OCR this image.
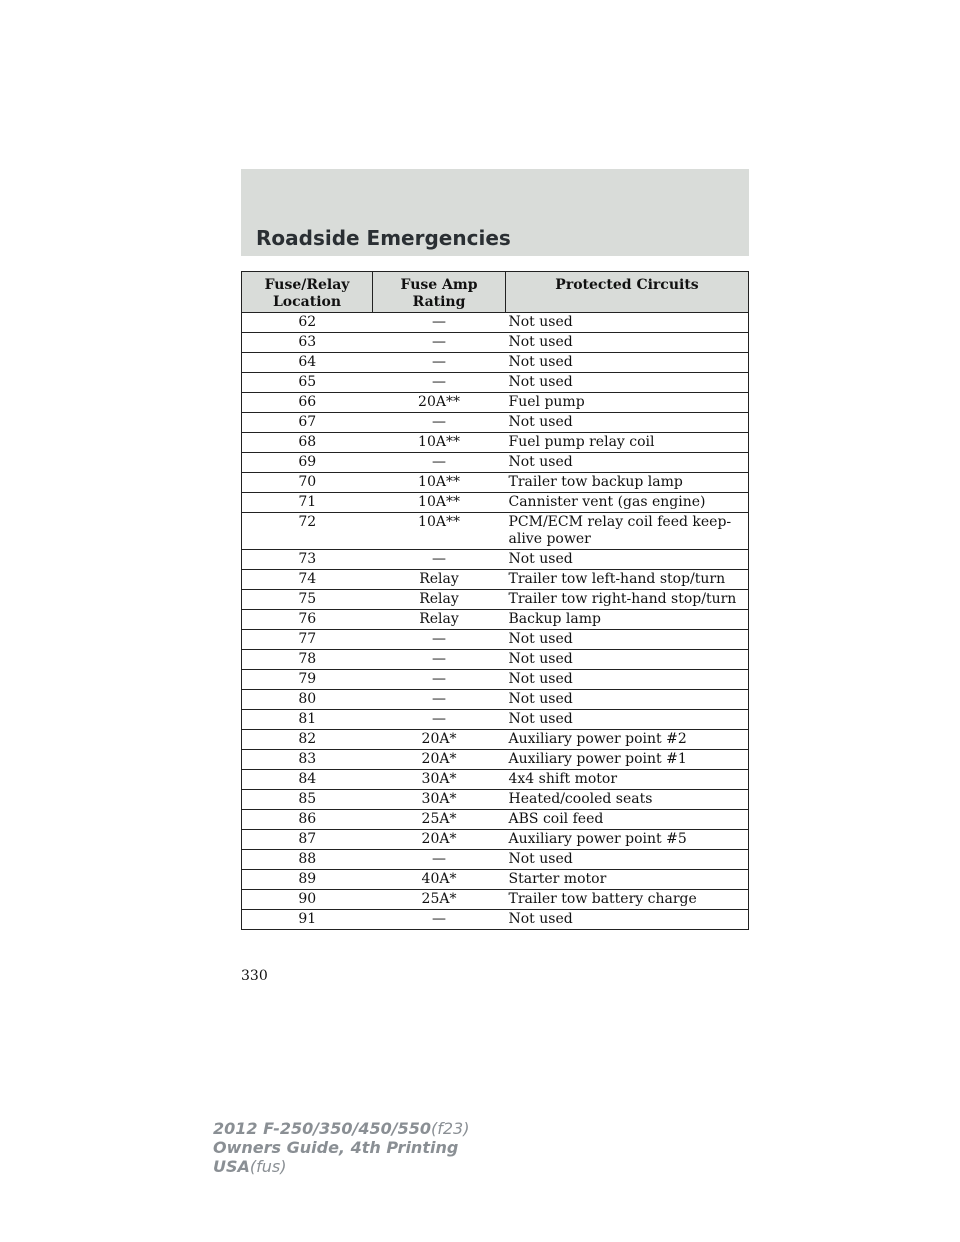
Roadside Emergencies
Fuse/Relay Location	Fuse Amp Rating	Protected Circuits
62	—	Not used
63	—	Not used
64	—	Not used
65	—	Not used
66	20A**	Fuel pump
67	—	Not used
68	10A**	Fuel pump relay coil
69	—	Not used
70	10A**	Trailer tow backup lamp
71	10A**	Cannister vent (gas engine)
72	10A**	PCM/ECM relay coil feed keep-alive power
73	—	Not used
74	Relay	Trailer tow left-hand stop/turn
75	Relay	Trailer tow right-hand stop/turn
76	Relay	Backup lamp
77	—	Not used
78	—	Not used
79	—	Not used
80	—	Not used
81	—	Not used
82	20A*	Auxiliary power point #2
83	20A*	Auxiliary power point #1
84	30A*	4x4 shift motor
85	30A*	Heated/cooled seats
86	25A*	ABS coil feed
87	20A*	Auxiliary power point #5
88	—	Not used
89	40A*	Starter motor
90	25A*	Trailer tow battery charge
91	—	Not used
330
2012 F-250/350/450/550(f23)
Owners Guide, 4th Printing
USA(fus)
